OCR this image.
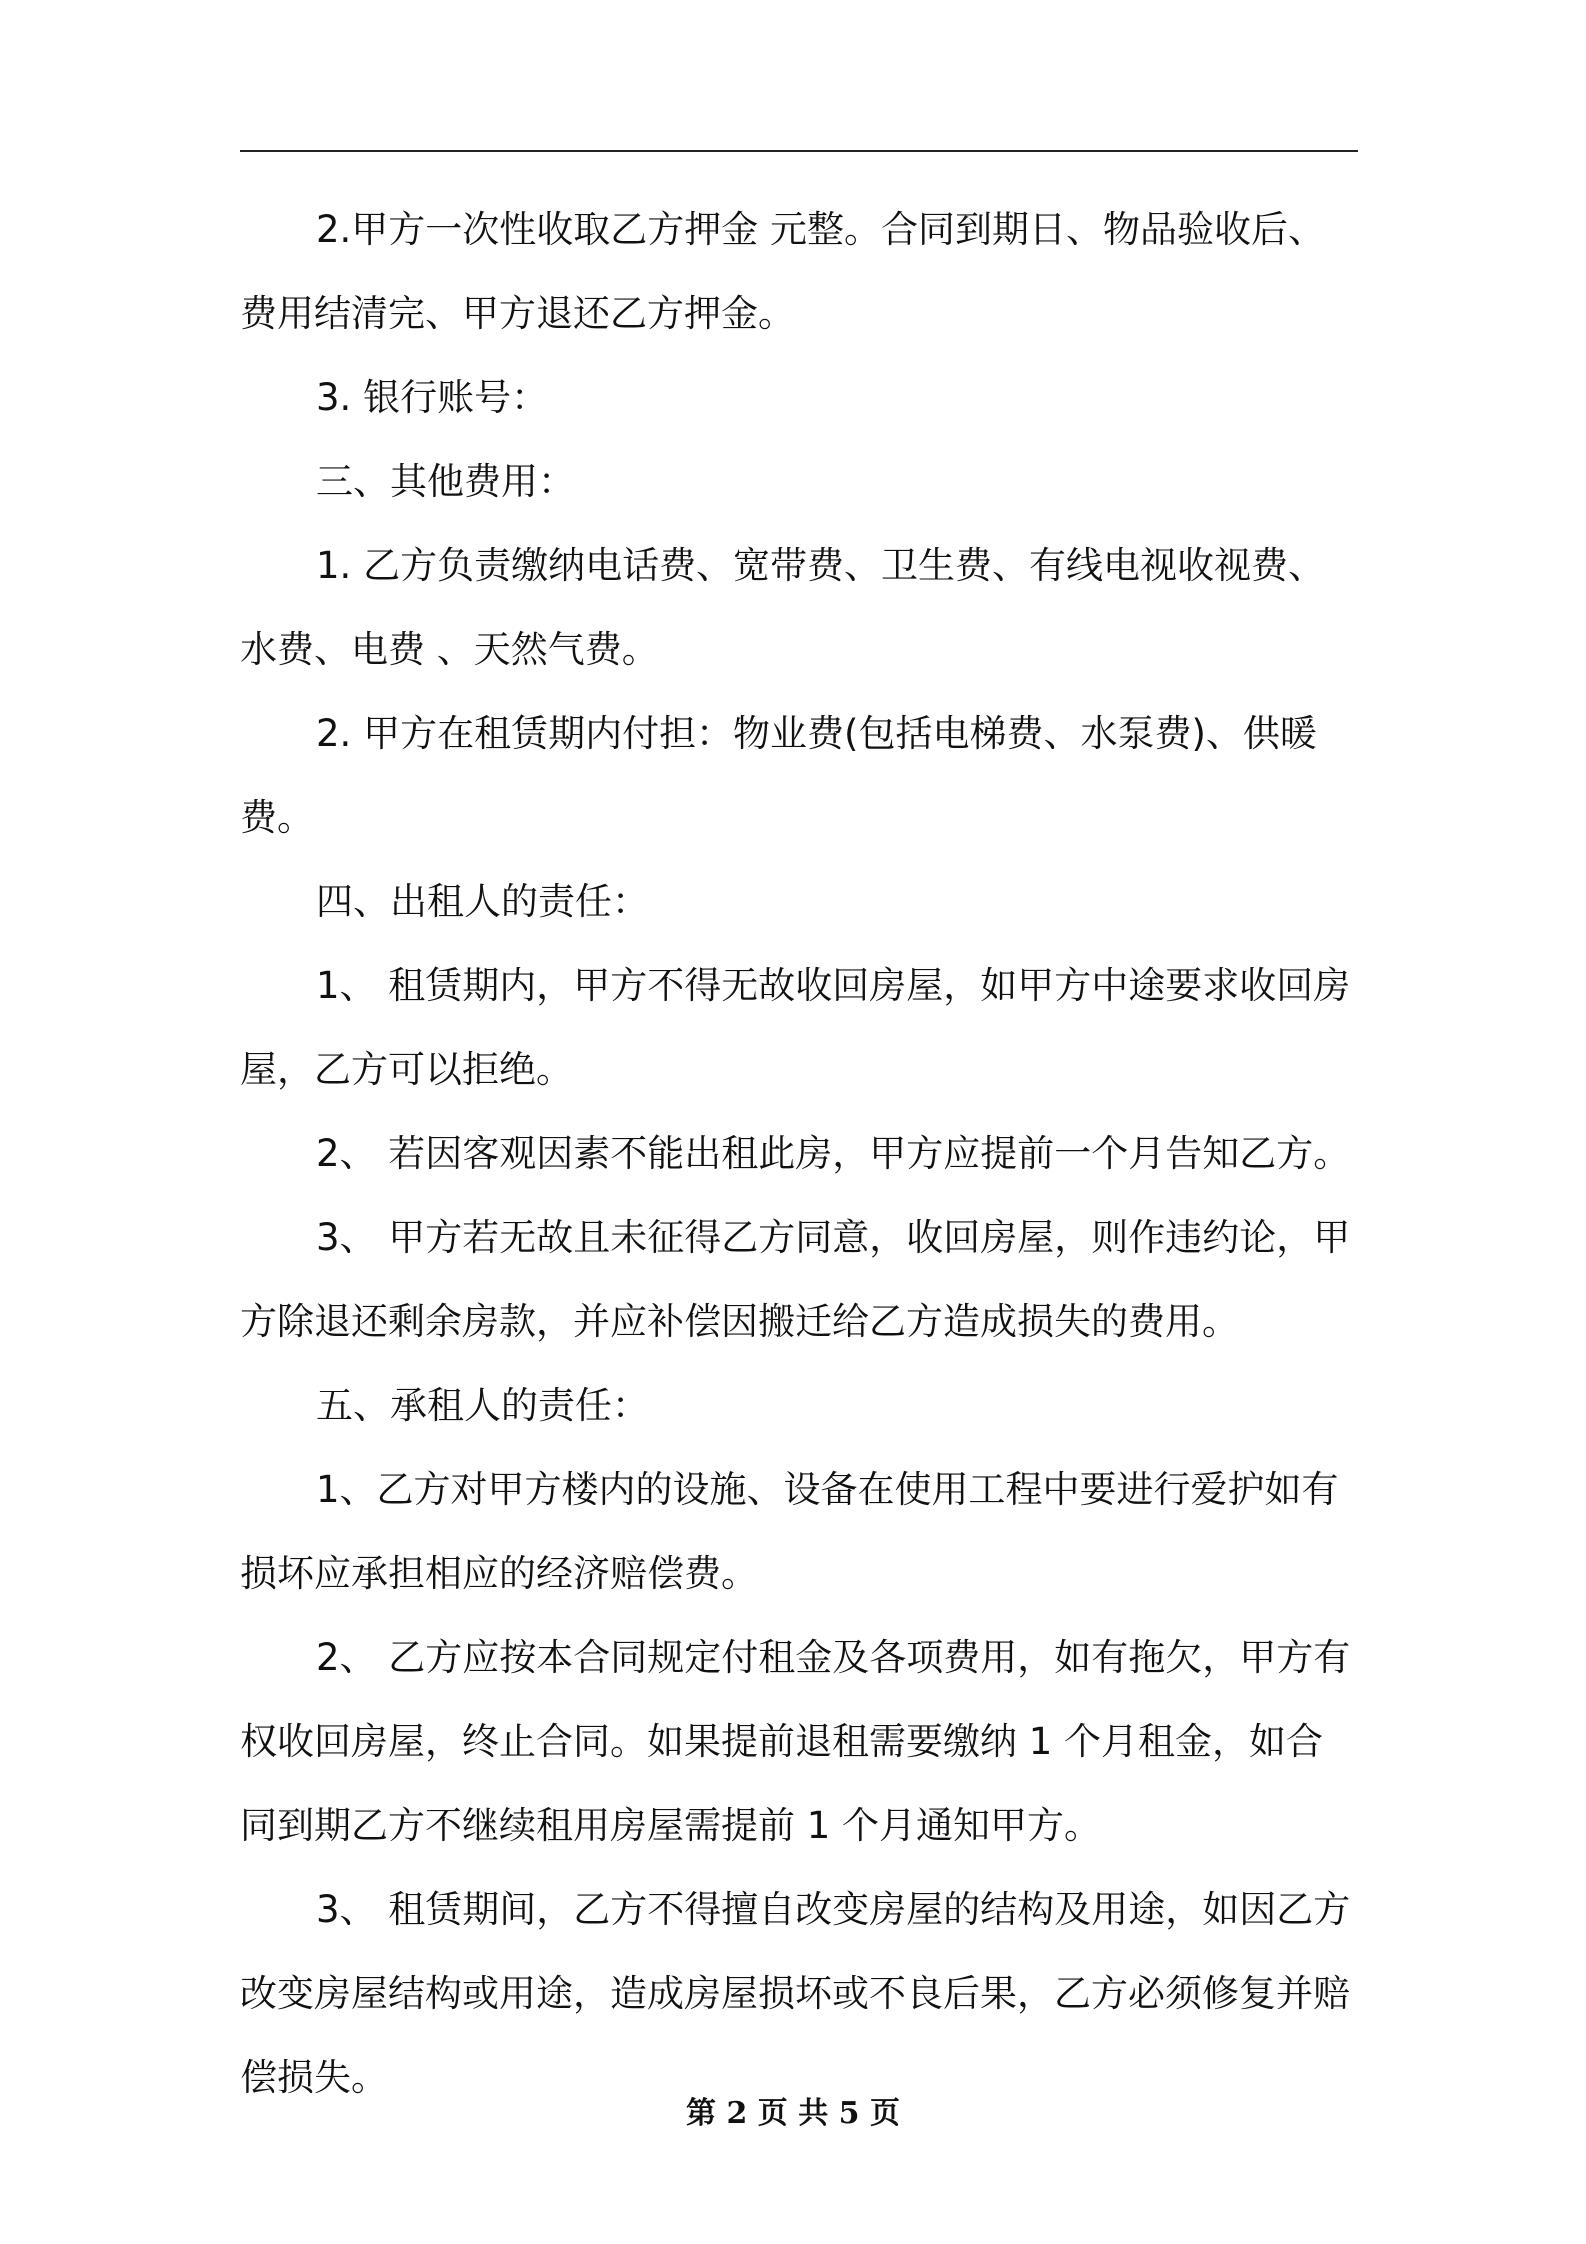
2.甲方一次性收取乙方押金 元整。合同到期日、物品验收后、费用结清完、甲方退还乙方押金。

3. 银行账号：

三、其他费用：

1. 乙方负责缴纳电话费、宽带费、卫生费、有线电视收视费、水费、电费 、天然气费。

2. 甲方在租赁期内付担：物业费(包括电梯费、水泵费)、供暖费。

四、出租人的责任：

1、 租赁期内，甲方不得无故收回房屋，如甲方中途要求收回房屋，乙方可以拒绝。

2、 若因客观因素不能出租此房，甲方应提前一个月告知乙方。

3、 甲方若无故且未征得乙方同意，收回房屋，则作违约论，甲方除退还剩余房款，并应补偿因搬迁给乙方造成损失的费用。

五、承租人的责任：

1、乙方对甲方楼内的设施、设备在使用工程中要进行爱护如有损坏应承担相应的经济赔偿费。

2、 乙方应按本合同规定付租金及各项费用，如有拖欠，甲方有权收回房屋，终止合同。如果提前退租需要缴纳 1 个月租金，如合同到期乙方不继续租用房屋需提前 1 个月通知甲方。

3、 租赁期间，乙方不得擅自改变房屋的结构及用途，如因乙方改变房屋结构或用途，造成房屋损坏或不良后果，乙方必须修复并赔偿损失。

第 2 页 共 5 页
